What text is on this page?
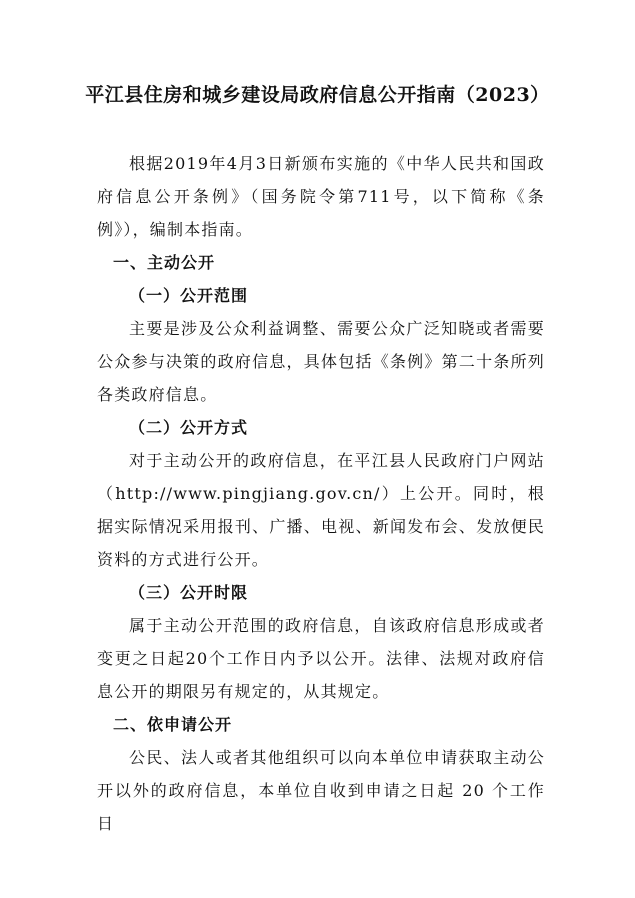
平江县住房和城乡建设局政府信息公开指南（2023）

根据2019年4月3日新颁布实施的《中华人民共和国政府信息公开条例》（国务院令第711号，以下简称《条例》），编制本指南。

一、主动公开
（一）公开范围

主要是涉及公众利益调整、需要公众广泛知晓或者需要公众参与决策的政府信息，具体包括《条例》第二十条所列各类政府信息。

（二）公开方式

对于主动公开的政府信息，在平江县人民政府门户网站（http://www.pingjiang.gov.cn/）上公开。同时，根据实际情况采用报刊、广播、电视、新闻发布会、发放便民资料的方式进行公开。

（三）公开时限

属于主动公开范围的政府信息，自该政府信息形成或者变更之日起20个工作日内予以公开。法律、法规对政府信息公开的期限另有规定的，从其规定。

二、依申请公开

公民、法人或者其他组织可以向本单位申请获取主动公开以外的政府信息，本单位自收到申请之日起 20 个工作日
